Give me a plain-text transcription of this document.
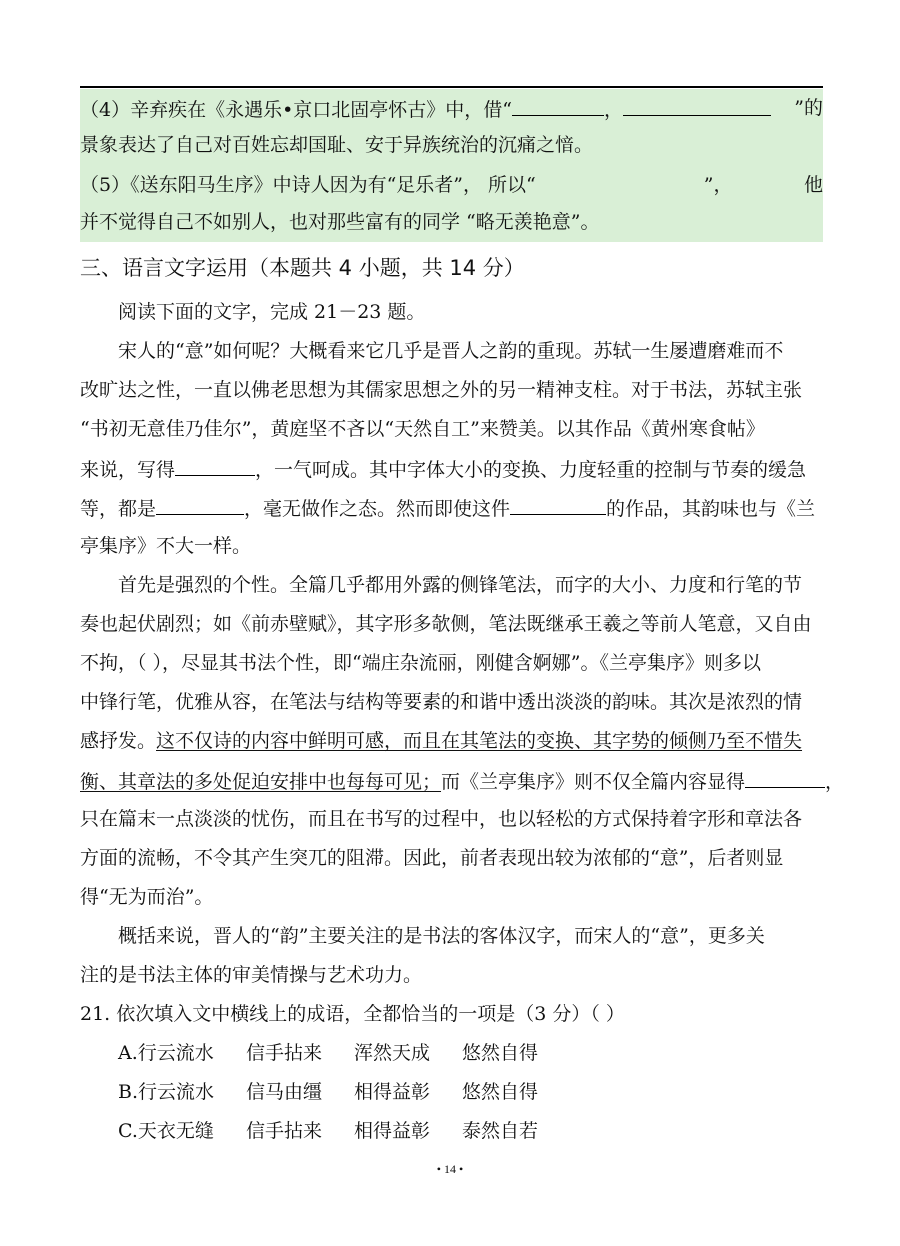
（4）辛弃疾在《永遇乐•京口北固亭怀古》中，借“	，	”的
景象表达了自己对百姓忘却国耻、安于异族统治的沉痛之愔。
（5）《送东阳马生序》中诗人因为有“足乐者”， 所以“	”，	他
并不觉得自己不如别人，也对那些富有的同学 “略无羡艳意”。
三、语言文字运用（本题共 4 小题，共 14 分）
阅读下面的文字，完成 21－23 题。
宋人的“意”如何呢？大概看来它几乎是晋人之韵的重现。苏轼一生屡遭磨难而不
改旷达之性，一直以佛老思想为其儒家思想之外的另一精神支柱。对于书法，苏轼主张
“书初无意佳乃佳尔”，黄庭坚不吝以“天然自工”来赞美。以其作品《黄州寒食帖》
来说，写得	，一气呵成。其中字体大小的变换、力度轻重的控制与节奏的缓急
等，都是	，毫无做作之态。然而即使这件	的作品，其韵味也与《兰
亭集序》不大一样。
首先是强烈的个性。全篇几乎都用外露的侧锋笔法，而字的大小、力度和行笔的节
奏也起伏剧烈；如《前赤壁赋》，其字形多欹侧，笔法既继承王羲之等前人笔意，又自由
不拘，（ ），尽显其书法个性，即“端庄杂流丽，刚健含婀娜”。《兰亭集序》则多以
中锋行笔，优雅从容，在笔法与结构等要素的和谐中透出淡淡的韵味。其次是浓烈的情
感抒发。这不仅诗的内容中鲜明可感，而且在其笔法的变换、其字势的倾侧乃至不惜失
衡、其章法的多处促迫安排中也每每可见；而《兰亭集序》则不仅全篇内容显得	，
只在篇末一点淡淡的忧伤，而且在书写的过程中，也以轻松的方式保持着字形和章法各
方面的流畅，不令其产生突兀的阻滞。因此，前者表现出较为浓郁的“意”，后者则显
得“无为而治”。
概括来说，晋人的“韵”主要关注的是书法的客体汉字，而宋人的“意”，更多关
注的是书法主体的审美情操与艺术功力。
21. 依次填入文中横线上的成语，全都恰当的一项是（3 分）（ ）
A.行云流水 信手拈来 浑然天成 悠然自得
B.行云流水 信马由缰 相得益彰 悠然自得
C.天衣无缝 信手拈来 相得益彰 泰然自若
• 14 •
